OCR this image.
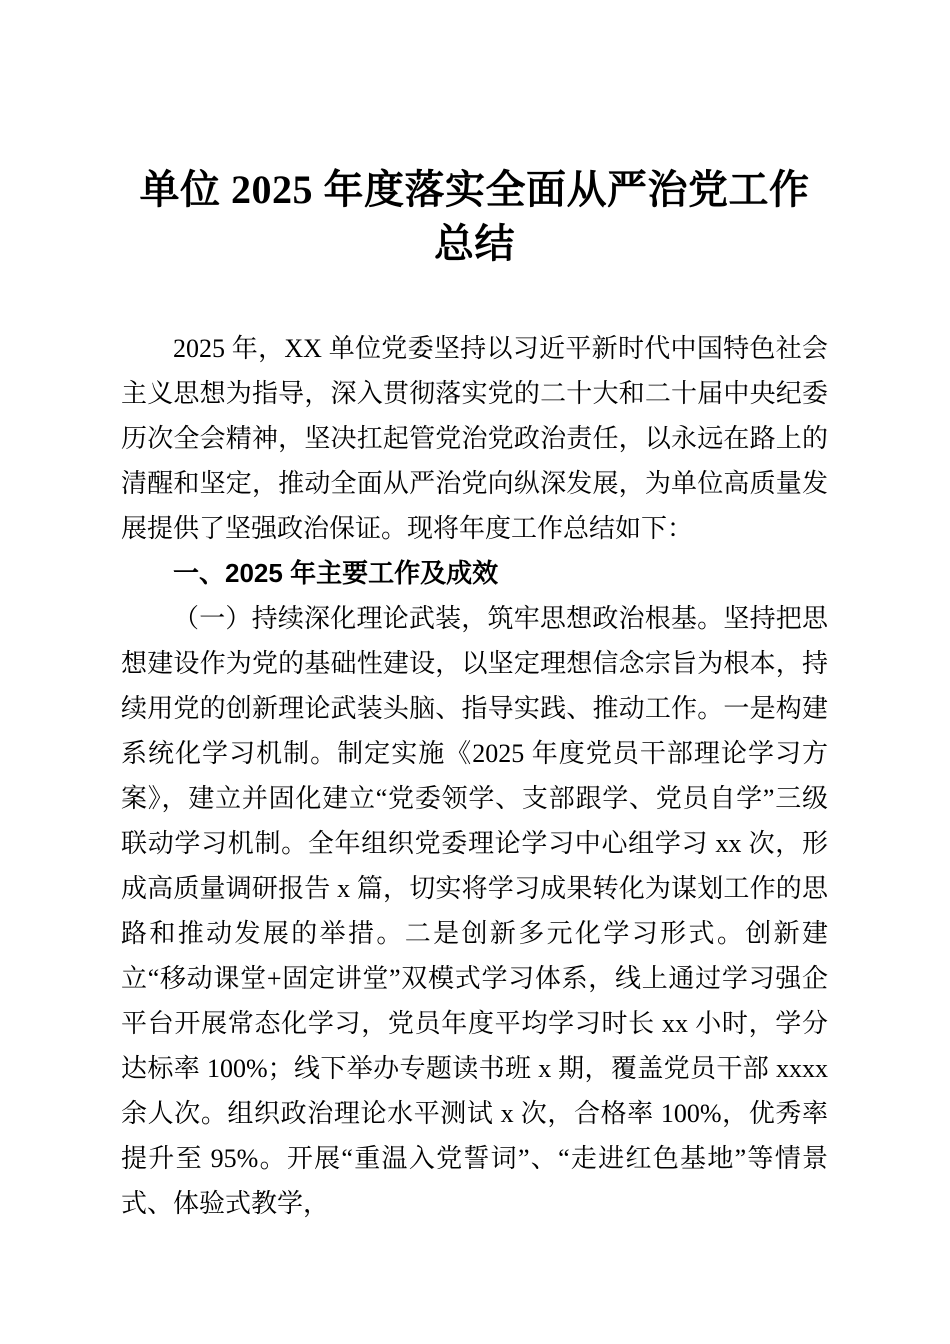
单位 2025 年度落实全面从严治党工作
总结

2025 年，XX 单位党委坚持以习近平新时代中国特色社会主义思想为指导，深入贯彻落实党的二十大和二十届中央纪委历次全会精神，坚决扛起管党治党政治责任，以永远在路上的清醒和坚定，推动全面从严治党向纵深发展，为单位高质量发展提供了坚强政治保证。现将年度工作总结如下：

一、2025 年主要工作及成效

（一）持续深化理论武装，筑牢思想政治根基。坚持把思想建设作为党的基础性建设，以坚定理想信念宗旨为根本，持续用党的创新理论武装头脑、指导实践、推动工作。一是构建系统化学习机制。制定实施《2025 年度党员干部理论学习方案》，建立并固化建立“党委领学、支部跟学、党员自学”三级联动学习机制。全年组织党委理论学习中心组学习 xx 次，形成高质量调研报告 x 篇，切实将学习成果转化为谋划工作的思路和推动发展的举措。二是创新多元化学习形式。创新建立“移动课堂+固定讲堂”双模式学习体系，线上通过学习强企平台开展常态化学习，党员年度平均学习时长 xx 小时，学分达标率 100%；线下举办专题读书班 x 期，覆盖党员干部 xxxx 余人次。组织政治理论水平测试 x 次，合格率 100%，优秀率提升至 95%。开展“重温入党誓词”、“走进红色基地”等情景式、体验式教学，
